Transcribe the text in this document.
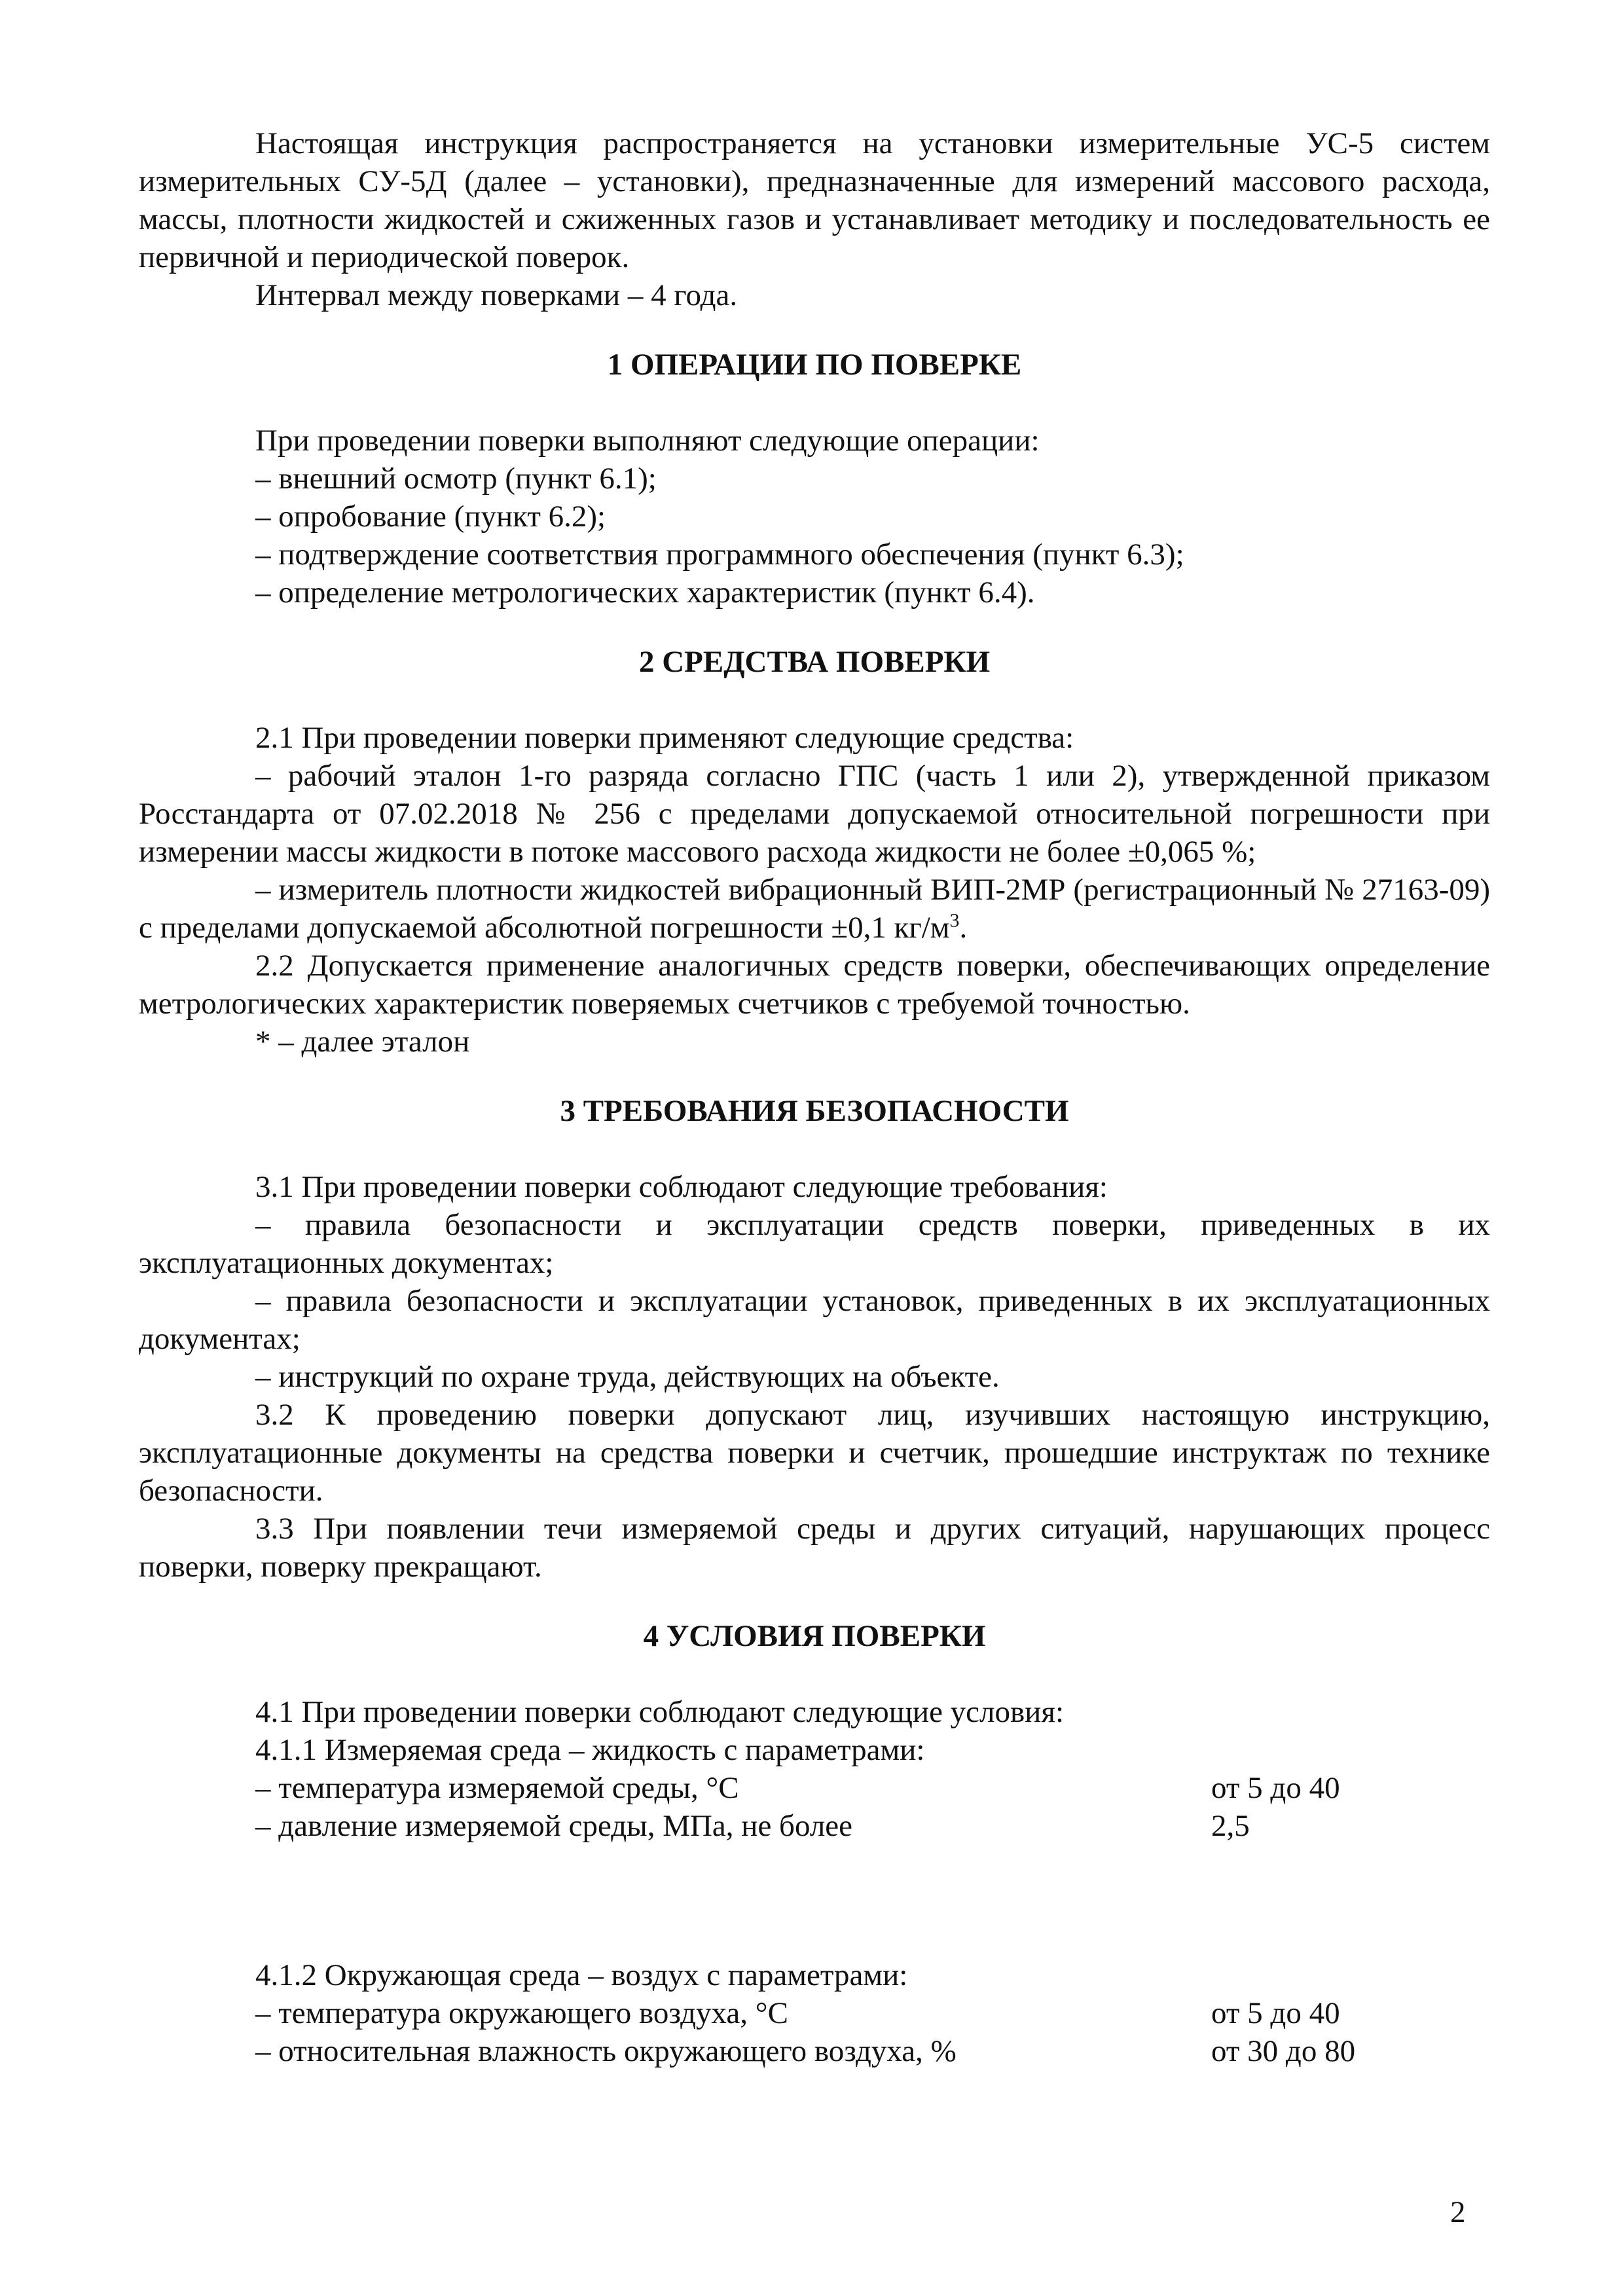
Настоящая инструкция распространяется на установки измерительные УС-5 систем измерительных СУ-5Д (далее – установки), предназначенные для измерений массового расхода, массы, плотности жидкостей и сжиженных газов и устанавливает методику и последовательность ее первичной и периодической поверок.

Интервал между поверками – 4 года.

1 ОПЕРАЦИИ ПО ПОВЕРКЕ

При проведении поверки выполняют следующие операции:

– внешний осмотр (пункт 6.1);

– опробование (пункт 6.2);

– подтверждение соответствия программного обеспечения (пункт 6.3);

– определение метрологических характеристик (пункт 6.4).

2 СРЕДСТВА ПОВЕРКИ

2.1 При проведении поверки применяют следующие средства:

– рабочий эталон 1-го разряда согласно ГПС (часть 1 или 2), утвержденной приказом Росстандарта от 07.02.2018 № 256 с пределами допускаемой относительной погрешности при измерении массы жидкости в потоке массового расхода жидкости не более ±0,065 %;

– измеритель плотности жидкостей вибрационный ВИП-2МР (регистрационный № 27163-09) с пределами допускаемой абсолютной погрешности ±0,1 $кг/м^3$.

2.2 Допускается применение аналогичных средств поверки, обеспечивающих определение метрологических характеристик поверяемых счетчиков с требуемой точностью.

* – далее эталон

3 ТРЕБОВАНИЯ БЕЗОПАСНОСТИ

3.1 При проведении поверки соблюдают следующие требования:

– правила безопасности и эксплуатации средств поверки, приведенных в их эксплуатационных документах;

– правила безопасности и эксплуатации установок, приведенных в их эксплуатационных документах;

– инструкций по охране труда, действующих на объекте.

3.2 К проведению поверки допускают лиц, изучивших настоящую инструкцию, эксплуатационные документы на средства поверки и счетчик, прошедшие инструктаж по технике безопасности.

3.3 При появлении течи измеряемой среды и других ситуаций, нарушающих процесс поверки, поверку прекращают.

4 УСЛОВИЯ ПОВЕРКИ

4.1 При проведении поверки соблюдают следующие условия:

4.1.1 Измеряемая среда – жидкость с параметрами:

– температура измеряемой среды, °С	от 5 до 40
– давление измеряемой среды, МПа, не более	2,5

4.1.2 Окружающая среда – воздух с параметрами:

– температура окружающего воздуха, °С	от 5 до 40
– относительная влажность окружающего воздуха, %	от 30 до 80
2
